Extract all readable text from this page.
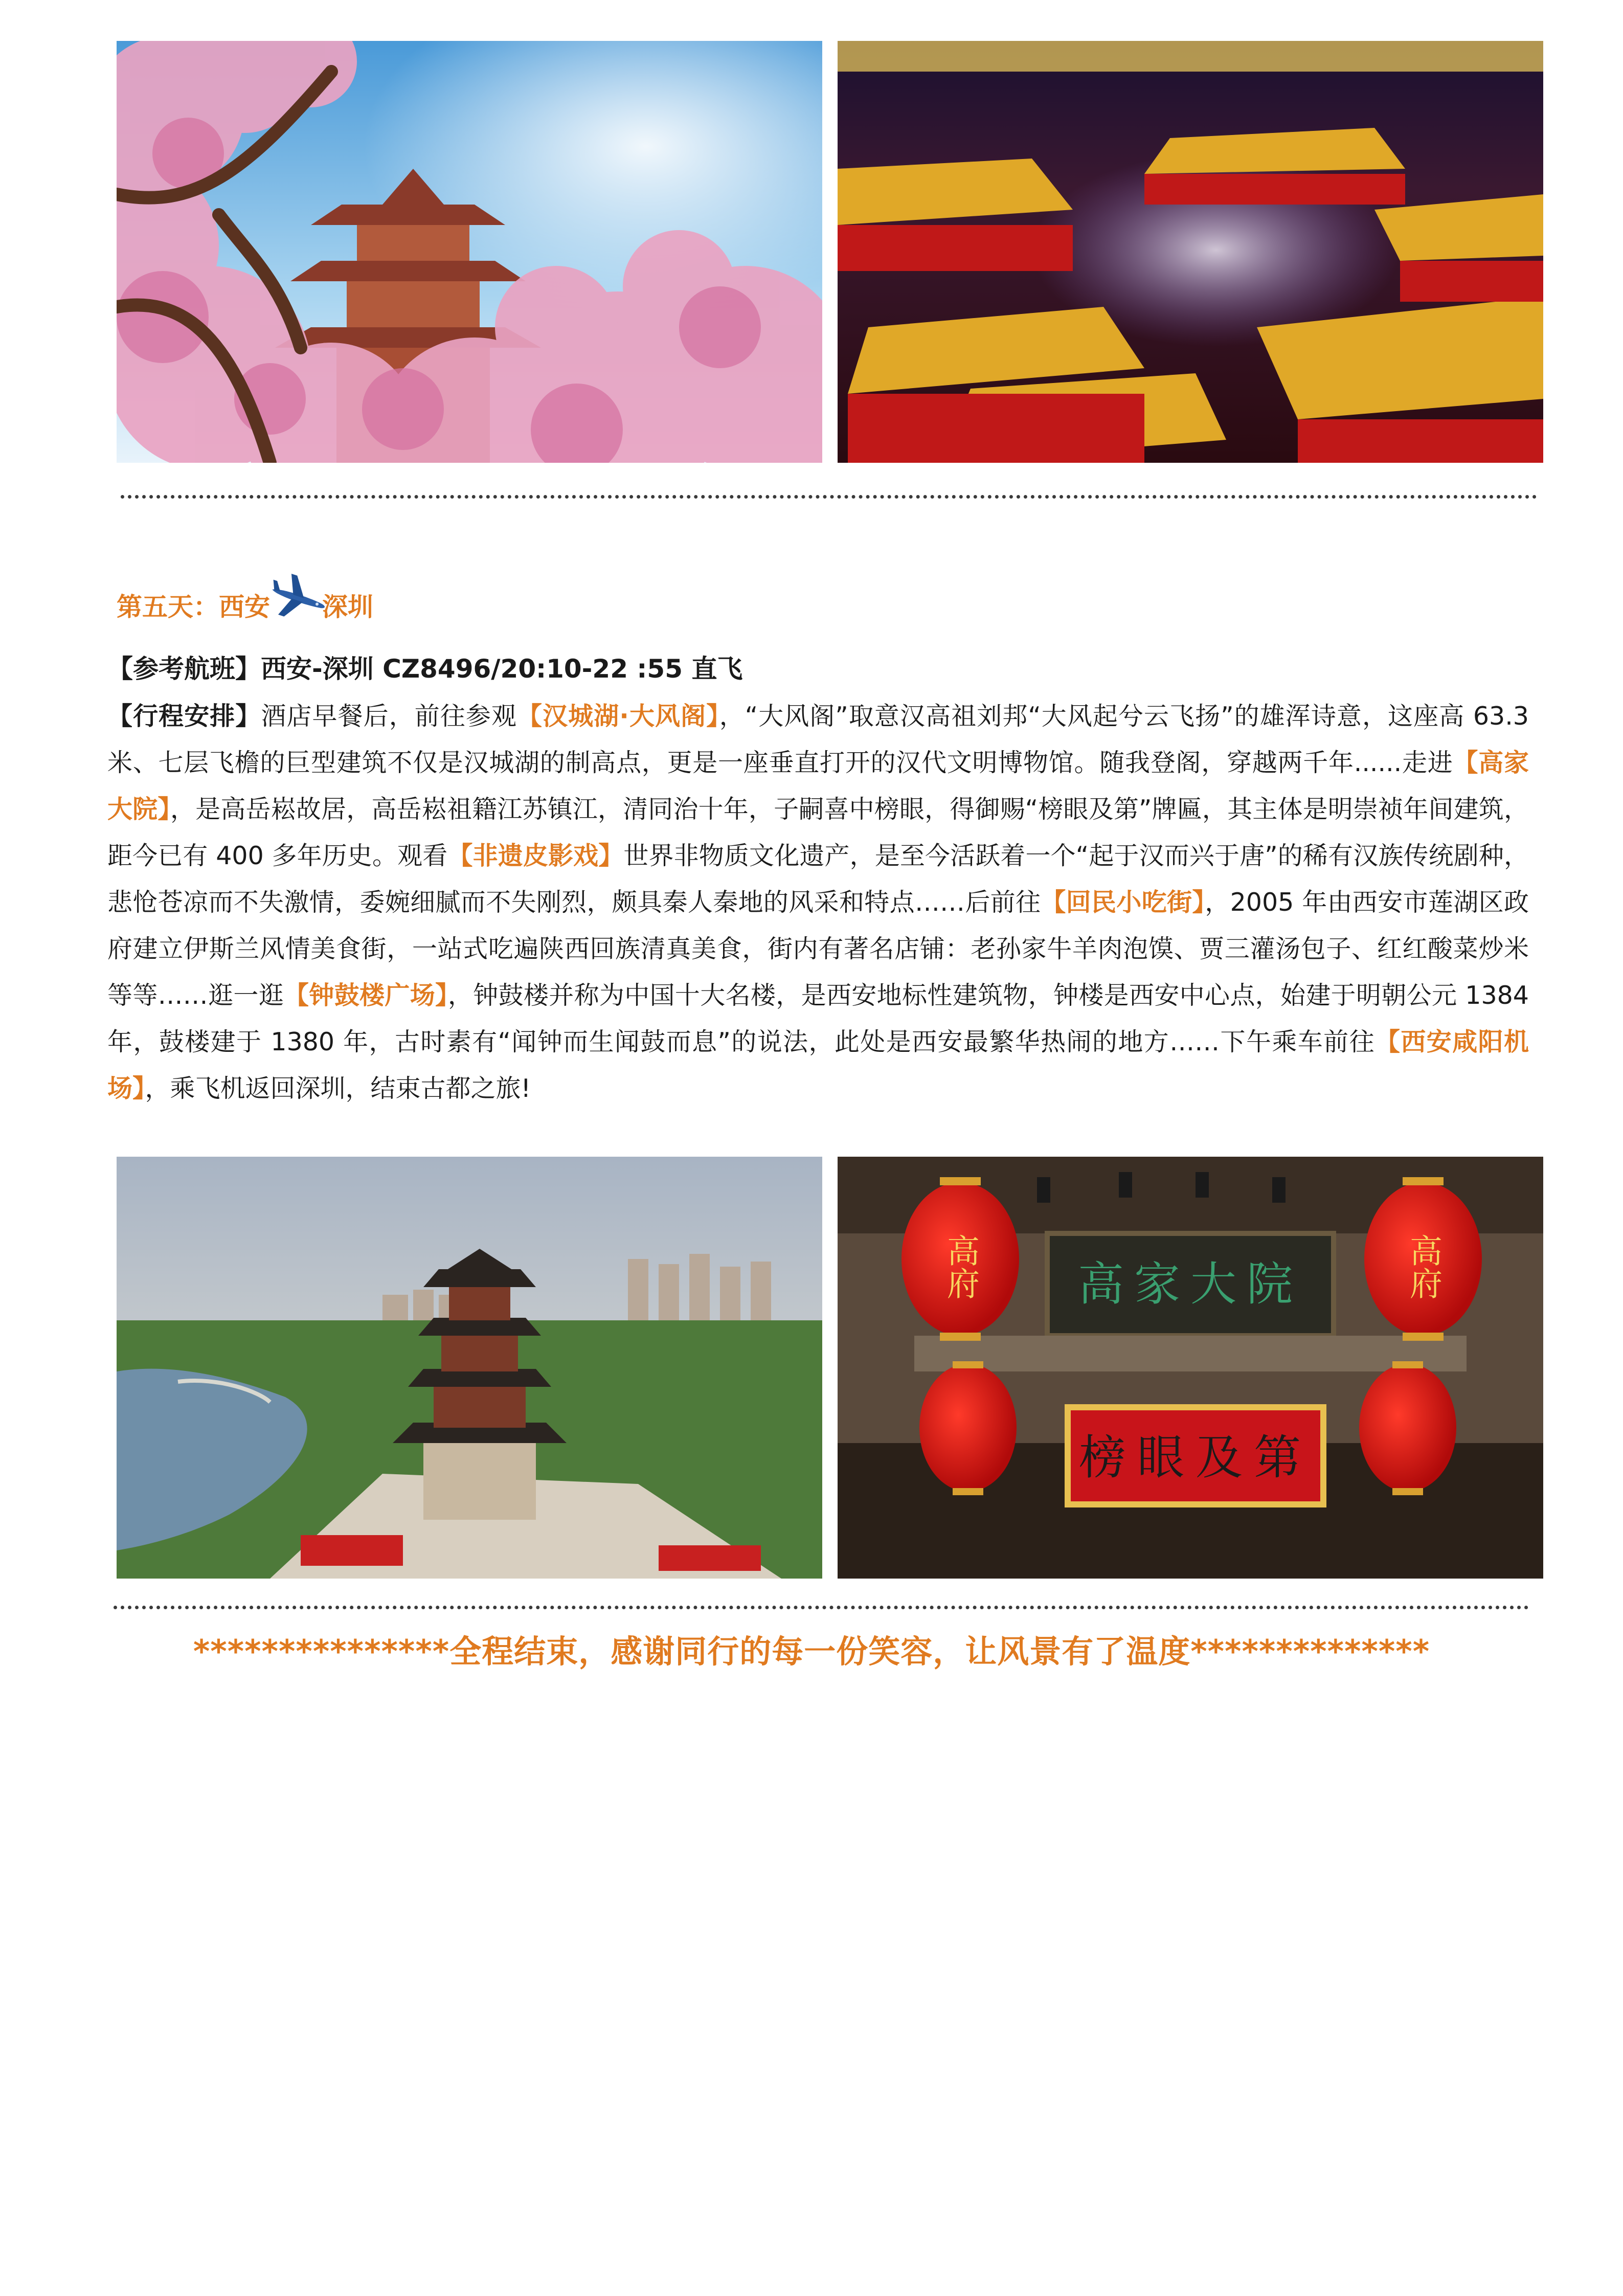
第五天：西安 深圳
【参考航班】西安-深圳 CZ8496/20:10-22 :55 直飞
【行程安排】酒店早餐后，前往参观【汉城湖·大风阁】，“大风阁”取意汉高祖刘邦“大风起兮云飞扬”的雄浑诗意，这座高 63.3 米、七层飞檐的巨型建筑不仅是汉城湖的制高点，更是一座垂直打开的汉代文明博物馆。随我登阁，穿越两千年......走进【高家大院】，是高岳崧故居，高岳崧祖籍江苏镇江，清同治十年，子嗣喜中榜眼，得御赐“榜眼及第”牌匾，其主体是明崇祯年间建筑，距今已有 400 多年历史。观看【非遗皮影戏】世界非物质文化遗产，是至今活跃着一个“起于汉而兴于唐”的稀有汉族传统剧种，悲怆苍凉而不失激情，委婉细腻而不失刚烈，颇具秦人秦地的风采和特点……后前往【回民小吃街】，2005 年由西安市莲湖区政府建立伊斯兰风情美食街，一站式吃遍陕西回族清真美食，街内有著名店铺：老孙家牛羊肉泡馍、贾三灌汤包子、红红酸菜炒米等等……逛一逛【钟鼓楼广场】，钟鼓楼并称为中国十大名楼，是西安地标性建筑物，钟楼是西安中心点，始建于明朝公元 1384 年，鼓楼建于 1380 年，古时素有“闻钟而生闻鼓而息”的说法，此处是西安最繁华热闹的地方……下午乘车前往【西安咸阳机场】，乘飞机返回深圳，结束古都之旅!
高家大院
榜眼及第
高府	高府
***************全程结束，感谢同行的每一份笑容，让风景有了温度**************
